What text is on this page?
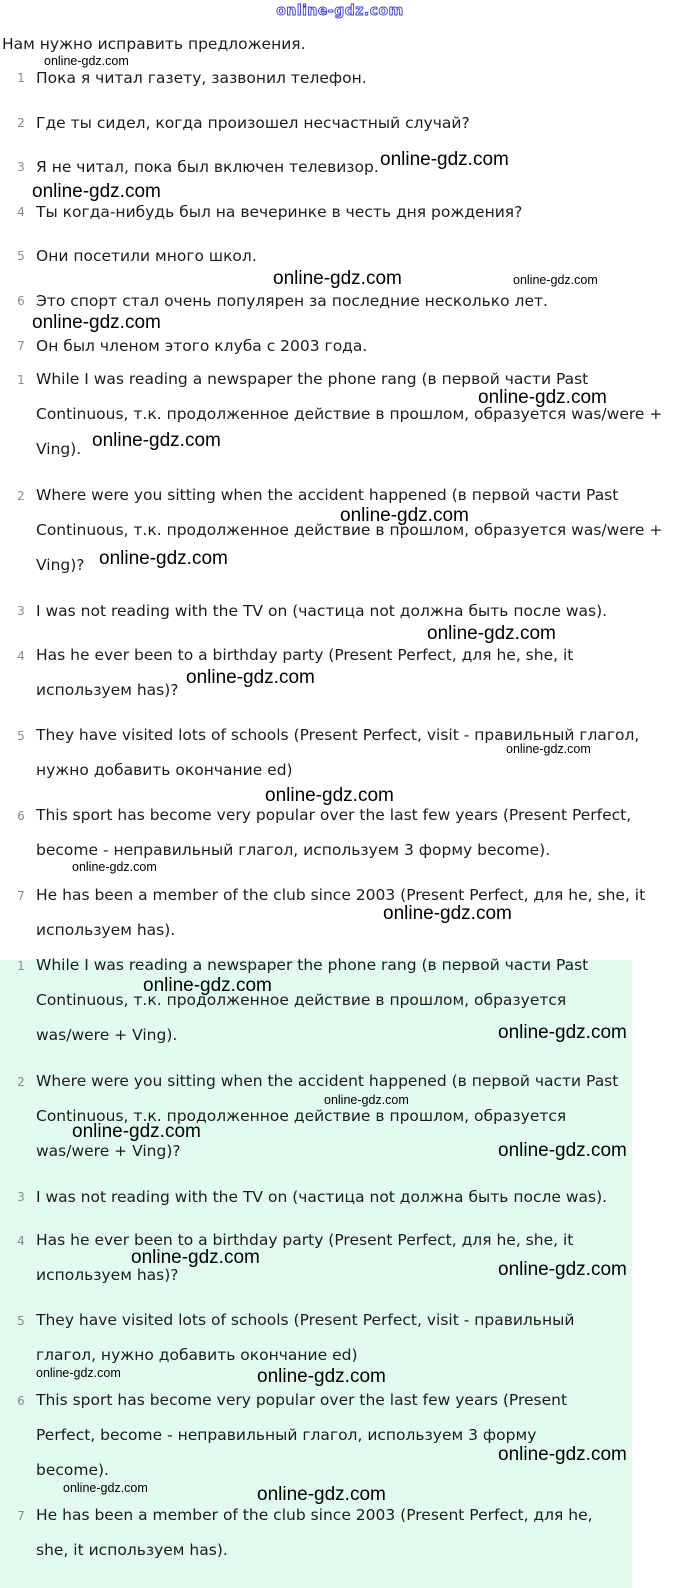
online-gdz.com
Нам нужно исправить предложения.
1 Пока я читал газету, зазвонил телефон.
2 Где ты сидел, когда произошел несчастный случай?
3 Я не читал, пока был включен телевизор.
4 Ты когда-нибудь был на вечеринке в честь дня рождения?
5 Они посетили много школ.
6 Это спорт стал очень популярен за последние несколько лет.
7 Он был членом этого клуба с 2003 года.
1 While I was reading a newspaper the phone rang (в первой части Past Continuous, т.к. продолженное действие в прошлом, образуется was/were + Ving).
2 Where were you sitting when the accident happened (в первой части Past Continuous, т.к. продолженное действие в прошлом, образуется was/were + Ving)?
3 I was not reading with the TV on (частица not должна быть после was).
4 Has he ever been to a birthday party (Present Perfect, для he, she, it используем has)?
5 They have visited lots of schools (Present Perfect, visit - правильный глагол, нужно добавить окончание ed)
6 This sport has become very popular over the last few years (Present Perfect, become - неправильный глагол, используем 3 форму become).
7 He has been a member of the club since 2003 (Present Perfect, для he, she, it используем has).
1 While I was reading a newspaper the phone rang (в первой части Past Continuous, т.к. продолженное действие в прошлом, образуется was/were + Ving).
2 Where were you sitting when the accident happened (в первой части Past Continuous, т.к. продолженное действие в прошлом, образуется was/were + Ving)?
3 I was not reading with the TV on (частица not должна быть после was).
4 Has he ever been to a birthday party (Present Perfect, для he, she, it используем has)?
5 They have visited lots of schools (Present Perfect, visit - правильный глагол, нужно добавить окончание ed)
6 This sport has become very popular over the last few years (Present Perfect, become - неправильный глагол, используем 3 форму become).
7 He has been a member of the club since 2003 (Present Perfect, для he, she, it используем has).
online-gdz.com
online-gdz.com
online-gdz.com
online-gdz.com	online-gdz.com
online-gdz.com
online-gdz.com
online-gdz.com
online-gdz.com
online-gdz.com
online-gdz.com
online-gdz.com
online-gdz.com
online-gdz.com
online-gdz.com
online-gdz.com
online-gdz.com
online-gdz.com
online-gdz.com
online-gdz.com
online-gdz.com
online-gdz.com
online-gdz.com
online-gdz.com	online-gdz.com
online-gdz.com
online-gdz.com	online-gdz.com
